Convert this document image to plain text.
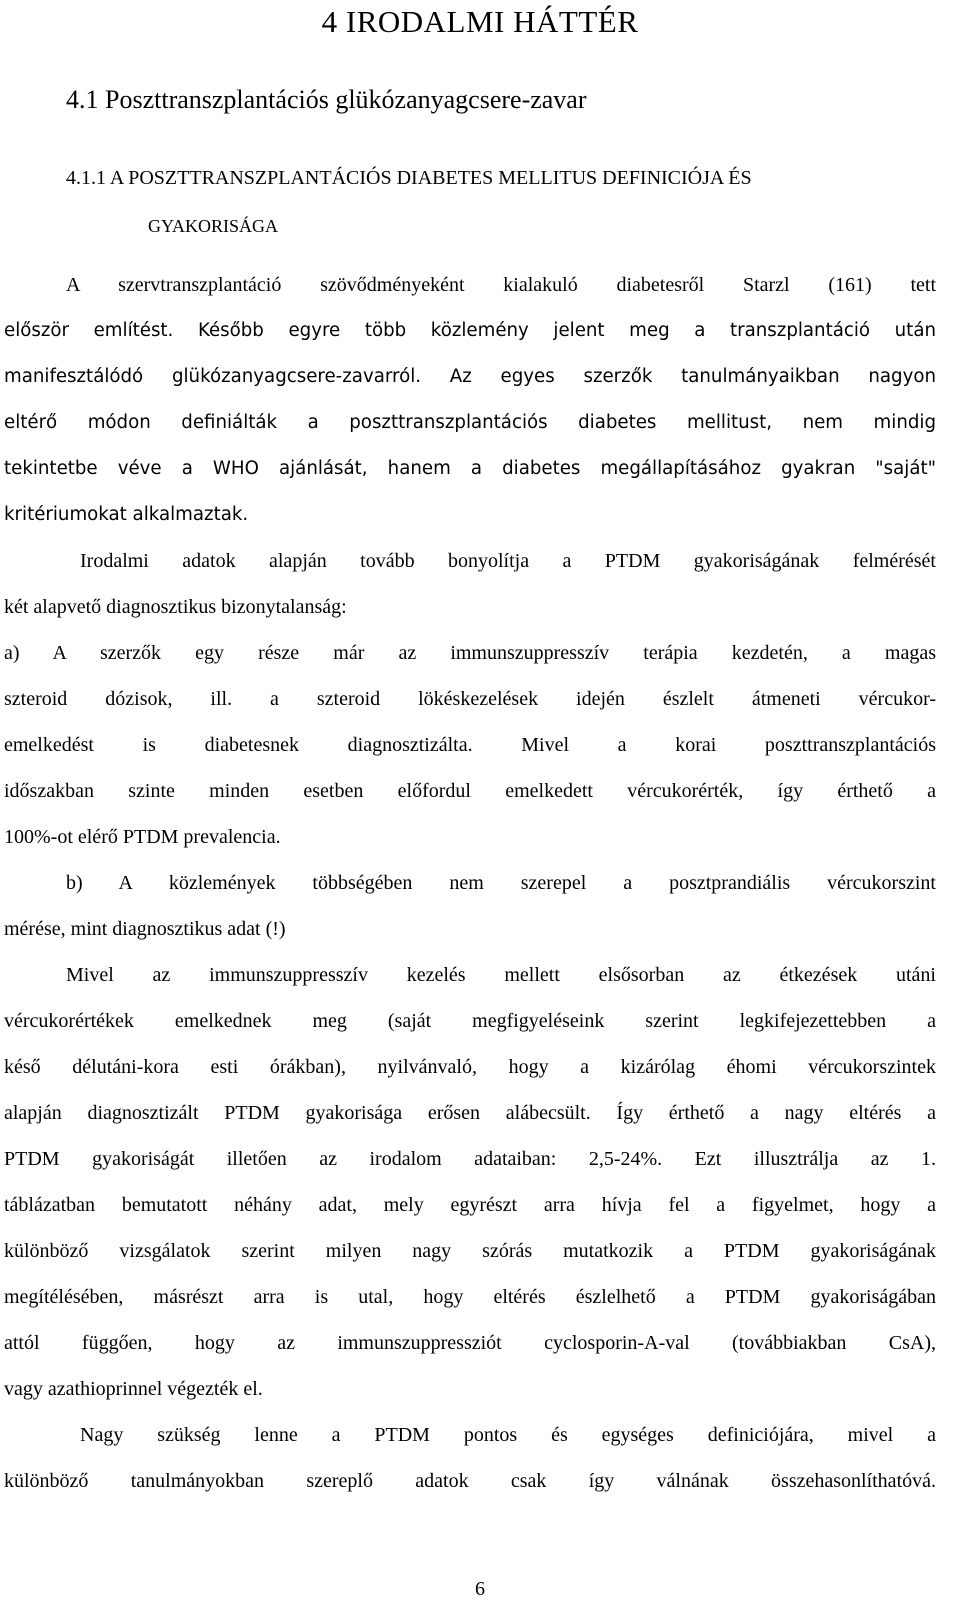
4 IRODALMI HÁTTÉR
4.1 Poszttranszplantációs glükózanyagcsere-zavar
4.1.1 A POSZTTRANSZPLANTÁCIÓS DIABETES MELLITUS DEFINICIÓJA ÉS
GYAKORISÁGA
A szervtranszplantáció szövődményeként kialakuló diabetesről Starzl (161) tett
először említést. Később egyre több közlemény jelent meg a transzplantáció után
manifesztálódó glükózanyagcsere-zavarról. Az egyes szerzők tanulmányaikban nagyon
eltérő módon definiálták a poszttranszplantációs diabetes mellitust, nem mindig
tekintetbe véve a WHO ajánlását, hanem a diabetes megállapításához gyakran "saját"
kritériumokat alkalmaztak.
Irodalmi adatok alapján tovább bonyolítja a PTDM gyakoriságának felmérését
két alapvető diagnosztikus bizonytalanság:
a) A szerzők egy része már az immunszuppresszív terápia kezdetén, a magas
szteroid dózisok, ill. a szteroid lökéskezelések idején észlelt átmeneti vércukor-
emelkedést is diabetesnek diagnosztizálta. Mivel a korai poszttranszplantációs
időszakban szinte minden esetben előfordul emelkedett vércukorérték, így érthető a
100%-ot elérő PTDM prevalencia.
b) A közlemények többségében nem szerepel a posztprandiális vércukorszint
mérése, mint diagnosztikus adat (!)
Mivel az immunszuppresszív kezelés mellett elsősorban az étkezések utáni
vércukorértékek emelkednek meg (saját megfigyeléseink szerint legkifejezettebben a
késő délutáni-kora esti órákban), nyilvánvaló, hogy a kizárólag éhomi vércukorszintek
alapján diagnosztizált PTDM gyakorisága erősen alábecsült. Így érthető a nagy eltérés a
PTDM gyakoriságát illetően az irodalom adataiban: 2,5-24%. Ezt illusztrálja az 1.
táblázatban bemutatott néhány adat, mely egyrészt arra hívja fel a figyelmet, hogy a
különböző vizsgálatok szerint milyen nagy szórás mutatkozik a PTDM gyakoriságának
megítélésében, másrészt arra is utal, hogy eltérés észlelhető a PTDM gyakoriságában
attól függően, hogy az immunszuppressziót cyclosporin-A-val (továbbiakban CsA),
vagy azathioprinnel végezték el.
Nagy szükség lenne a PTDM pontos és egységes definiciójára, mivel a
különböző tanulmányokban szereplő adatok csak így válnának összehasonlíthatóvá.
6
